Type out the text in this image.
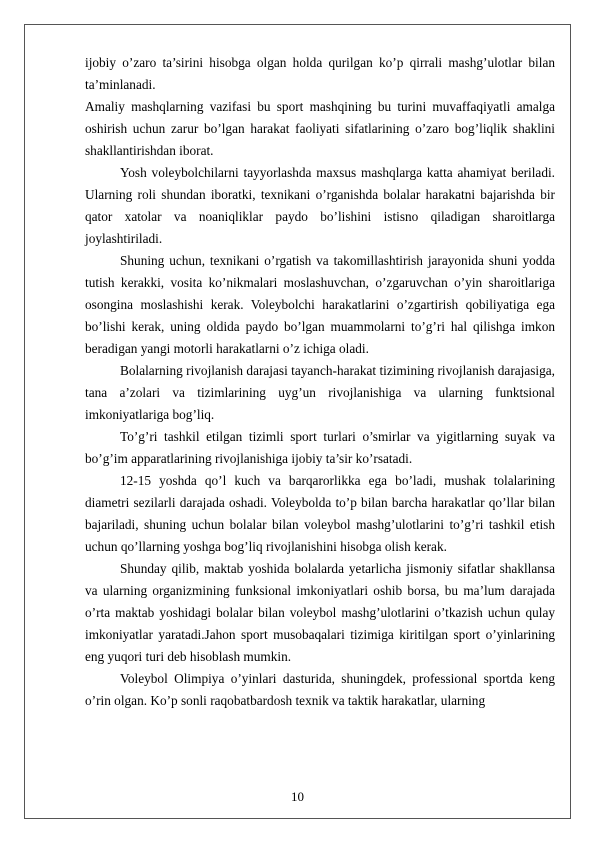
ijobiy o’zaro ta’sirini hisobga olgan holda qurilgan ko’p qirrali mashg’ulotlar bilan ta’minlanadi.

Amaliy mashqlarning vazifasi bu sport mashqining bu turini muvaffaqiyatli amalga oshirish uchun zarur bo’lgan harakat faoliyati sifatlarining o’zaro bog’liqlik shaklini shakllantirishdan iborat.

Yosh voleybolchilarni tayyorlashda maxsus mashqlarga katta ahamiyat beriladi. Ularning roli shundan iboratki, texnikani o’rganishda bolalar harakatni bajarishda bir qator xatolar va noaniqliklar paydo bo’lishini istisno qiladigan sharoitlarga joylashtiriladi.

Shuning uchun, texnikani o’rgatish va takomillashtirish jarayonida shuni yodda tutish kerakki, vosita ko’nikmalari moslashuvchan, o’zgaruvchan o’yin sharoitlariga osongina moslashishi kerak. Voleybolchi harakatlarini o’zgartirish qobiliyatiga ega bo’lishi kerak, uning oldida paydo bo’lgan muammolarni to’g’ri hal qilishga imkon beradigan yangi motorli harakatlarni o’z ichiga oladi.

Bolalarning rivojlanish darajasi tayanch-harakat tizimining rivojlanish darajasiga, tana a’zolari va tizimlarining uyg’un rivojlanishiga va ularning funktsional imkoniyatlariga bog’liq.

To’g’ri tashkil etilgan tizimli sport turlari o’smirlar va yigitlarning suyak va bo’g’im apparatlarining rivojlanishiga ijobiy ta’sir ko’rsatadi.

12-15 yoshda qo’l kuch va barqarorlikka ega bo’ladi, mushak tolalarining diametri sezilarli darajada oshadi. Voleybolda to’p bilan barcha harakatlar qo’llar bilan bajariladi, shuning uchun bolalar bilan voleybol mashg’ulotlarini to’g’ri tashkil etish uchun qo’llarning yoshga bog’liq rivojlanishini hisobga olish kerak.

Shunday qilib, maktab yoshida bolalarda yetarlicha jismoniy sifatlar shakllansa va ularning organizmining funksional imkoniyatlari oshib borsa, bu ma’lum darajada o’rta maktab yoshidagi bolalar bilan voleybol mashg’ulotlarini o’tkazish uchun qulay imkoniyatlar yaratadi.Jahon sport musobaqalari tizimiga kiritilgan sport o’yinlarining eng yuqori turi deb hisoblash mumkin.

Voleybol Olimpiya o’yinlari dasturida, shuningdek, professional sportda keng o’rin olgan. Ko’p sonli raqobatbardosh texnik va taktik harakatlar, ularning

10
